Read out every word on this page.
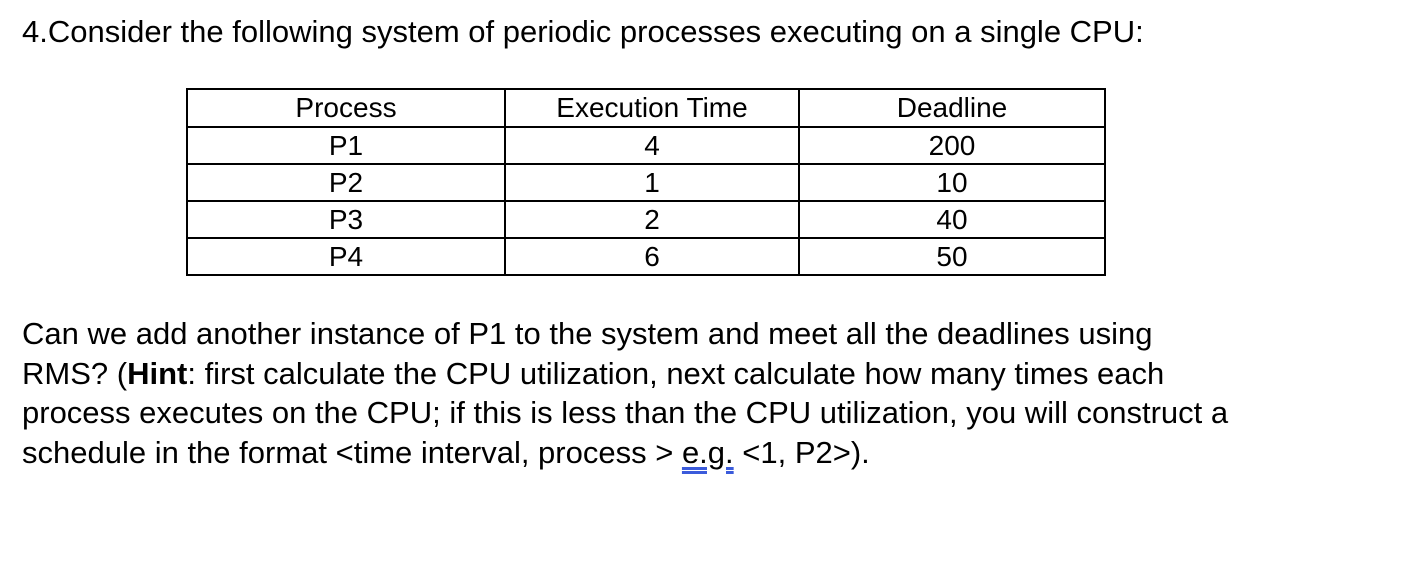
4.Consider the following system of periodic processes executing on a single CPU:
Process	Execution Time	Deadline
P1	4	200
P2	1	10
P3	2	40
P4	6	50
Can we add another instance of P1 to the system and meet all the deadlines using
RMS? (Hint: first calculate the CPU utilization, next calculate how many times each
process executes on the CPU; if this is less than the CPU utilization, you will construct a
schedule in the format <time interval, process > e.g. <1, P2>).
